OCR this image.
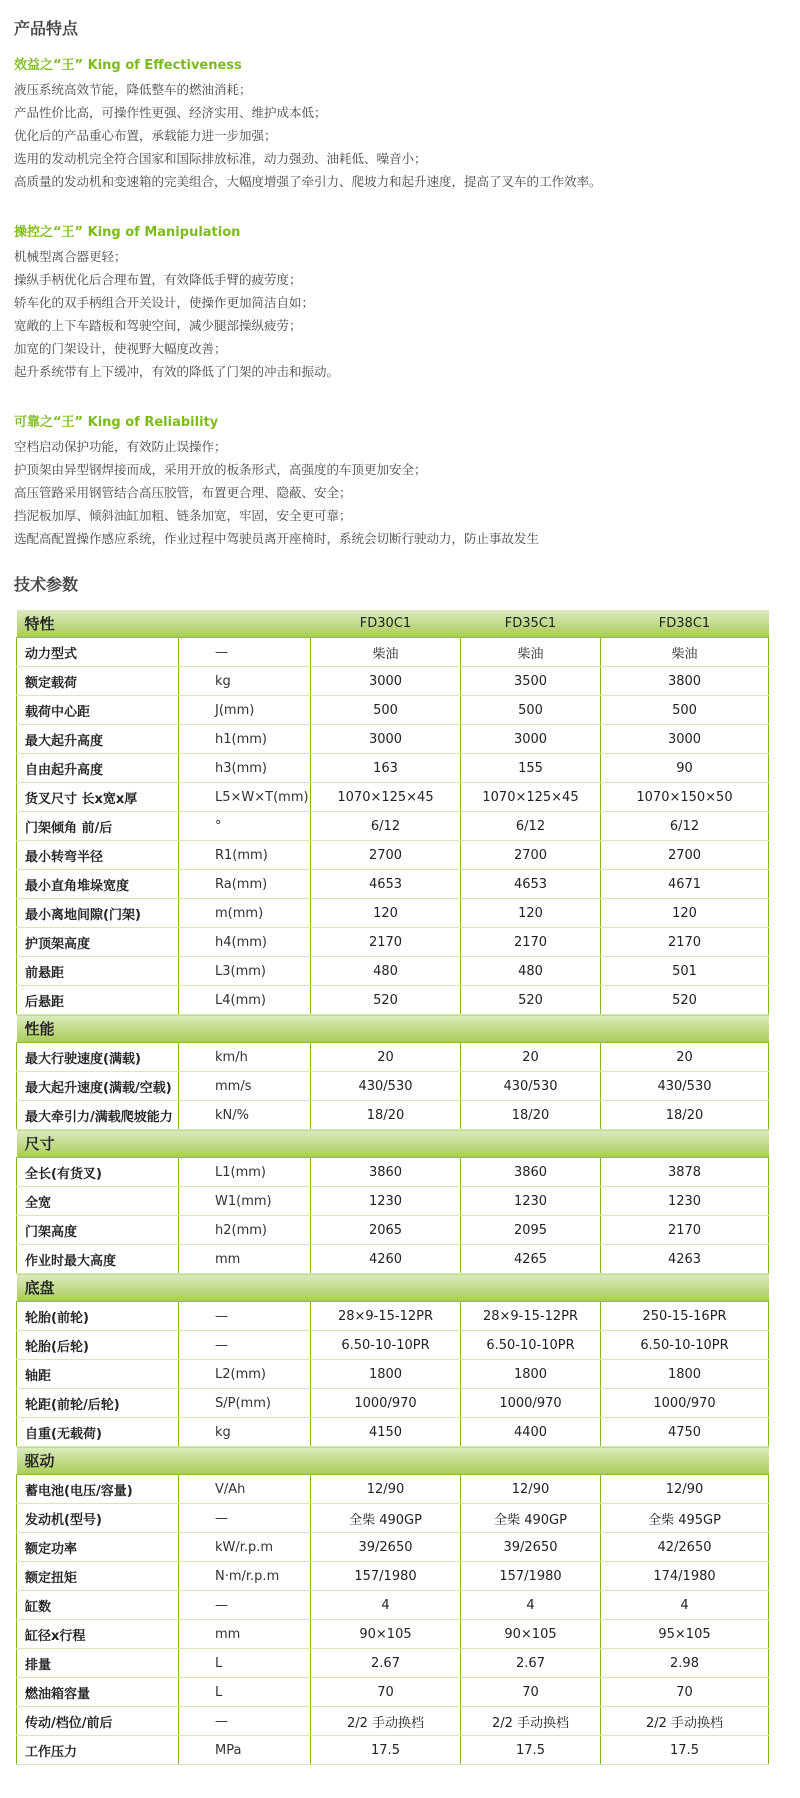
产品特点
效益之“王” King of Effectiveness
液压系统高效节能，降低整车的燃油消耗；
产品性价比高，可操作性更强、经济实用、维护成本低；
优化后的产品重心布置，承载能力进一步加强；
选用的发动机完全符合国家和国际排放标准，动力强劲、油耗低、噪音小；
高质量的发动机和变速箱的完美组合，大幅度增强了牵引力、爬坡力和起升速度，提高了叉车的工作效率。
操控之“王” King of Manipulation
机械型离合器更轻；
操纵手柄优化后合理布置，有效降低手臂的疲劳度；
轿车化的双手柄组合开关设计，使操作更加简洁自如；
宽敞的上下车踏板和驾驶空间，减少腿部操纵疲劳；
加宽的门架设计，使视野大幅度改善；
起升系统带有上下缓冲，有效的降低了门架的冲击和振动。
可靠之“王” King of Reliability
空档启动保护功能，有效防止误操作；
护顶架由异型钢焊接而成，采用开放的板条形式，高强度的车顶更加安全；
高压管路采用钢管结合高压胶管，布置更合理、隐蔽、安全；
挡泥板加厚、倾斜油缸加粗、链条加宽，牢固，安全更可靠；
选配高配置操作感应系统，作业过程中驾驶员离开座椅时，系统会切断行驶动力，防止事故发生
技术参数
特性		FD30C1	FD35C1	FD38C1
动力型式	—	柴油	柴油	柴油
额定载荷	kg	3000	3500	3800
载荷中心距	J(mm)	500	500	500
最大起升高度	h1(mm)	3000	3000	3000
自由起升高度	h3(mm)	163	155	90
货叉尺寸 长x宽x厚	L5×W×T(mm)	1070×125×45	1070×125×45	1070×150×50
门架倾角 前/后	°	6/12	6/12	6/12
最小转弯半径	R1(mm)	2700	2700	2700
最小直角堆垛宽度	Ra(mm)	4653	4653	4671
最小离地间隙(门架)	m(mm)	120	120	120
护顶架高度	h4(mm)	2170	2170	2170
前悬距	L3(mm)	480	480	501
后悬距	L4(mm)	520	520	520
性能				
最大行驶速度(满载)	km/h	20	20	20
最大起升速度(满载/空载)	mm/s	430/530	430/530	430/530
最大牵引力/满载爬坡能力	kN/%	18/20	18/20	18/20
尺寸				
全长(有货叉)	L1(mm)	3860	3860	3878
全宽	W1(mm)	1230	1230	1230
门架高度	h2(mm)	2065	2095	2170
作业时最大高度	mm	4260	4265	4263
底盘				
轮胎(前轮)	—	28×9-15-12PR	28×9-15-12PR	250-15-16PR
轮胎(后轮)	—	6.50-10-10PR	6.50-10-10PR	6.50-10-10PR
轴距	L2(mm)	1800	1800	1800
轮距(前轮/后轮)	S/P(mm)	1000/970	1000/970	1000/970
自重(无载荷)	kg	4150	4400	4750
驱动				
蓄电池(电压/容量)	V/Ah	12/90	12/90	12/90
发动机(型号)	—	全柴 490GP	全柴 490GP	全柴 495GP
额定功率	kW/r.p.m	39/2650	39/2650	42/2650
额定扭矩	N·m/r.p.m	157/1980	157/1980	174/1980
缸数	—	4	4	4
缸径x行程	mm	90×105	90×105	95×105
排量	L	2.67	2.67	2.98
燃油箱容量	L	70	70	70
传动/档位/前后	—	2/2 手动换档	2/2 手动换档	2/2 手动换档
工作压力	MPa	17.5	17.5	17.5
